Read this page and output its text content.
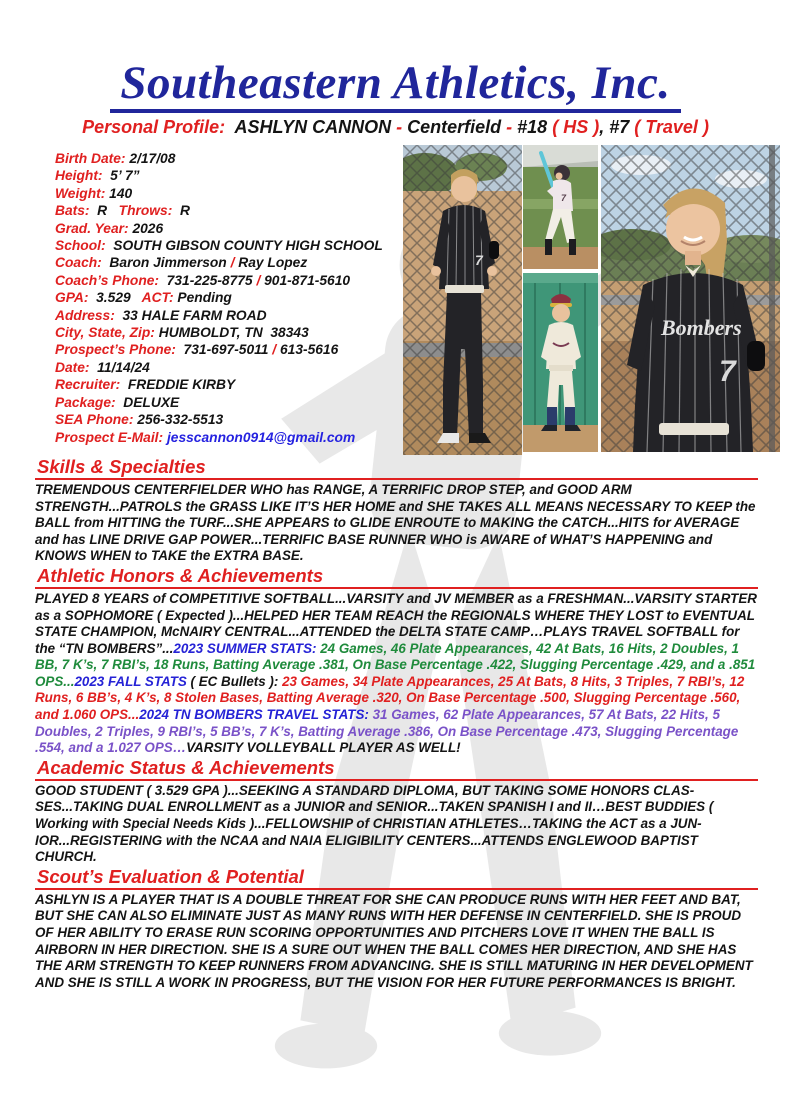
Southeastern Athletics, Inc.
Personal Profile:  ASHLYN CANNON - Centerfield - #18 ( HS ), #7 ( Travel )
Birth Date: 2/17/08
Height:  5’ 7”
Weight: 140
Bats:  R   Throws:  R
Grad. Year: 2026
School:  SOUTH GIBSON COUNTY HIGH SCHOOL
Coach:  Baron Jimmerson / Ray Lopez
Coach’s Phone:  731-225-8775 / 901-871-5610
GPA:  3.529   ACT: Pending
Address:  33 HALE FARM ROAD
City, State, Zip: HUMBOLDT, TN  38343
Prospect’s Phone:  731-697-5011 / 613-5616
Date:  11/14/24
Recruiter:  FREDDIE KIRBY
Package:  DELUXE
SEA Phone: 256-332-5513
Prospect E-Mail: jesscannon0914@gmail.com
7
7
Bombers
7
Skills & Specialties

TREMENDOUS CENTERFIELDER WHO has RANGE, A TERRIFIC DROP STEP, and GOOD ARM STRENGTH...PATROLS the GRASS LIKE IT’S HER HOME and SHE TAKES ALL MEANS NECESSARY TO KEEP the BALL from HITTING the TURF...SHE APPEARS to GLIDE ENROUTE to MAKING the CATCH...HITS for AVERAGE and has LINE DRIVE GAP POWER...TERRIFIC BASE RUNNER WHO is AWARE of WHAT’S HAPPENING and KNOWS WHEN to TAKE the EXTRA BASE.

Athletic Honors & Achievements

PLAYED 8 YEARS of COMPETITIVE SOFTBALL...VARSITY and JV MEMBER as a FRESHMAN...VARSITY STARTER as a SOPHOMORE ( Expected )...HELPED HER TEAM REACH the REGIONALS WHERE THEY LOST to EVENTUAL STATE CHAMPION, McNAIRY CENTRAL...ATTENDED the DELTA STATE CAMP…PLAYS TRAVEL SOFTBALL for the “TN BOMBERS”...2023 SUMMER STATS: 24 Games, 46 Plate Appearances, 42 At Bats, 16 Hits, 2 Doubles, 1 BB, 7 K’s, 7 RBI’s, 18 Runs, Batting Average .381, On Base Percentage .422, Slugging Percentage .429, and a .851 OPS...2023 FALL STATS ( EC Bullets ): 23 Games, 34 Plate Appearances, 25 At Bats, 8 Hits, 3 Triples, 7 RBI’s, 12 Runs, 6 BB’s, 4 K’s, 8 Stolen Bases, Batting Average .320, On Base Percentage .500, Slugging Percentage .560, and 1.060 OPS...2024 TN BOMBERS TRAVEL STATS: 31 Games, 62 Plate Appearances, 57 At Bats, 22 Hits, 5 Doubles, 2 Triples, 9 RBI’s, 5 BB’s, 7 K’s, Batting Average .386, On Base Percentage .473, Slugging Percentage .554, and a 1.027 OPS…VARSITY VOLLEYBALL PLAYER AS WELL!

Academic Status & Achievements

GOOD STUDENT ( 3.529 GPA )...SEEKING A STANDARD DIPLOMA, BUT TAKING SOME HONORS CLASSES...TAKING DUAL ENROLLMENT as a JUNIOR and SENIOR...TAKEN SPANISH I and II…BEST BUDDIES ( Working with Special Needs Kids )...FELLOWSHIP of CHRISTIAN ATHLETES…TAKING the ACT as a JUNIOR...REGISTERING with the NCAA and NAIA ELIGIBILITY CENTERS...ATTENDS ENGLEWOOD BAPTIST CHURCH.

Scout’s Evaluation & Potential

ASHLYN IS A PLAYER THAT IS A DOUBLE THREAT FOR SHE CAN PRODUCE RUNS WITH HER FEET AND BAT, BUT SHE CAN ALSO ELIMINATE JUST AS MANY RUNS WITH HER DEFENSE IN CENTERFIELD. SHE IS PROUD OF HER ABILITY TO ERASE RUN SCORING OPPORTUNITIES AND PITCHERS LOVE IT WHEN THE BALL IS AIRBORN IN HER DIRECTION. SHE IS A SURE OUT WHEN THE BALL COMES HER DIRECTION, AND SHE HAS THE ARM STRENGTH TO KEEP RUNNERS FROM ADVANCING. SHE IS STILL MATURING IN HER DEVELOPMENT AND SHE IS STILL A WORK IN PROGRESS, BUT THE VISION FOR HER FUTURE PERFORMANCES IS BRIGHT.
